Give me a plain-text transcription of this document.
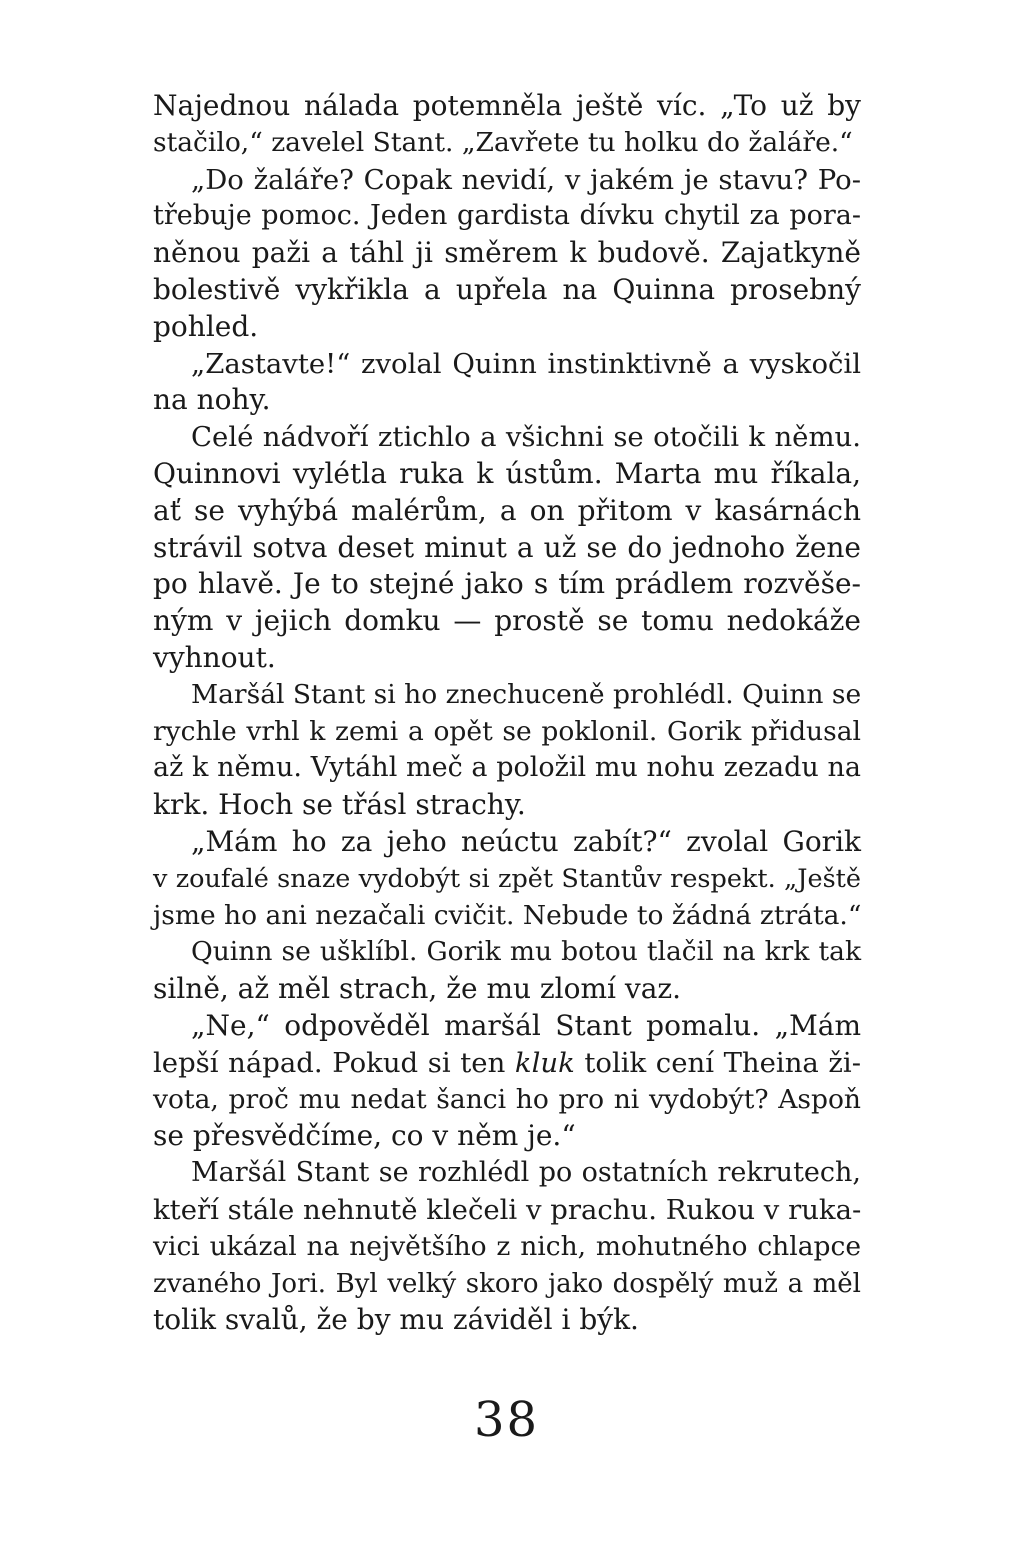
Najednou nálada potemněla ještě víc. „To už by
stačilo,“ zavelel Stant. „Zavřete tu holku do žaláře.“
„Do žaláře? Copak nevidí, v jakém je stavu? Po-
třebuje pomoc. Jeden gardista dívku chytil za pora-
něnou paži a táhl ji směrem k budově. Zajatkyně
bolestivě vykřikla a upřela na Quinna prosebný
pohled.
„Zastavte!“ zvolal Quinn instinktivně a vyskočil
na nohy.
Celé nádvoří ztichlo a všichni se otočili k němu.
Quinnovi vylétla ruka k ústům. Marta mu říkala,
ať se vyhýbá malérům, a on přitom v kasárnách
strávil sotva deset minut a už se do jednoho žene
po hlavě. Je to stejné jako s tím prádlem rozvěše-
ným v jejich domku — prostě se tomu nedokáže
vyhnout.
Maršál Stant si ho znechuceně prohlédl. Quinn se
rychle vrhl k zemi a opět se poklonil. Gorik přidusal
až k němu. Vytáhl meč a položil mu nohu zezadu na
krk. Hoch se třásl strachy.
„Mám ho za jeho neúctu zabít?“ zvolal Gorik
v zoufalé snaze vydobýt si zpět Stantův respekt. „Ještě
jsme ho ani nezačali cvičit. Nebude to žádná ztráta.“
Quinn se ušklíbl. Gorik mu botou tlačil na krk tak
silně, až měl strach, že mu zlomí vaz.
„Ne,“ odpověděl maršál Stant pomalu. „Mám
lepší nápad. Pokud si ten kluk tolik cení Theina ži-
vota, proč mu nedat šanci ho pro ni vydobýt? Aspoň
se přesvědčíme, co v něm je.“
Maršál Stant se rozhlédl po ostatních rekrutech,
kteří stále nehnutě klečeli v prachu. Rukou v ruka-
vici ukázal na největšího z nich, mohutného chlapce
zvaného Jori. Byl velký skoro jako dospělý muž a měl
tolik svalů, že by mu záviděl i býk.
38
